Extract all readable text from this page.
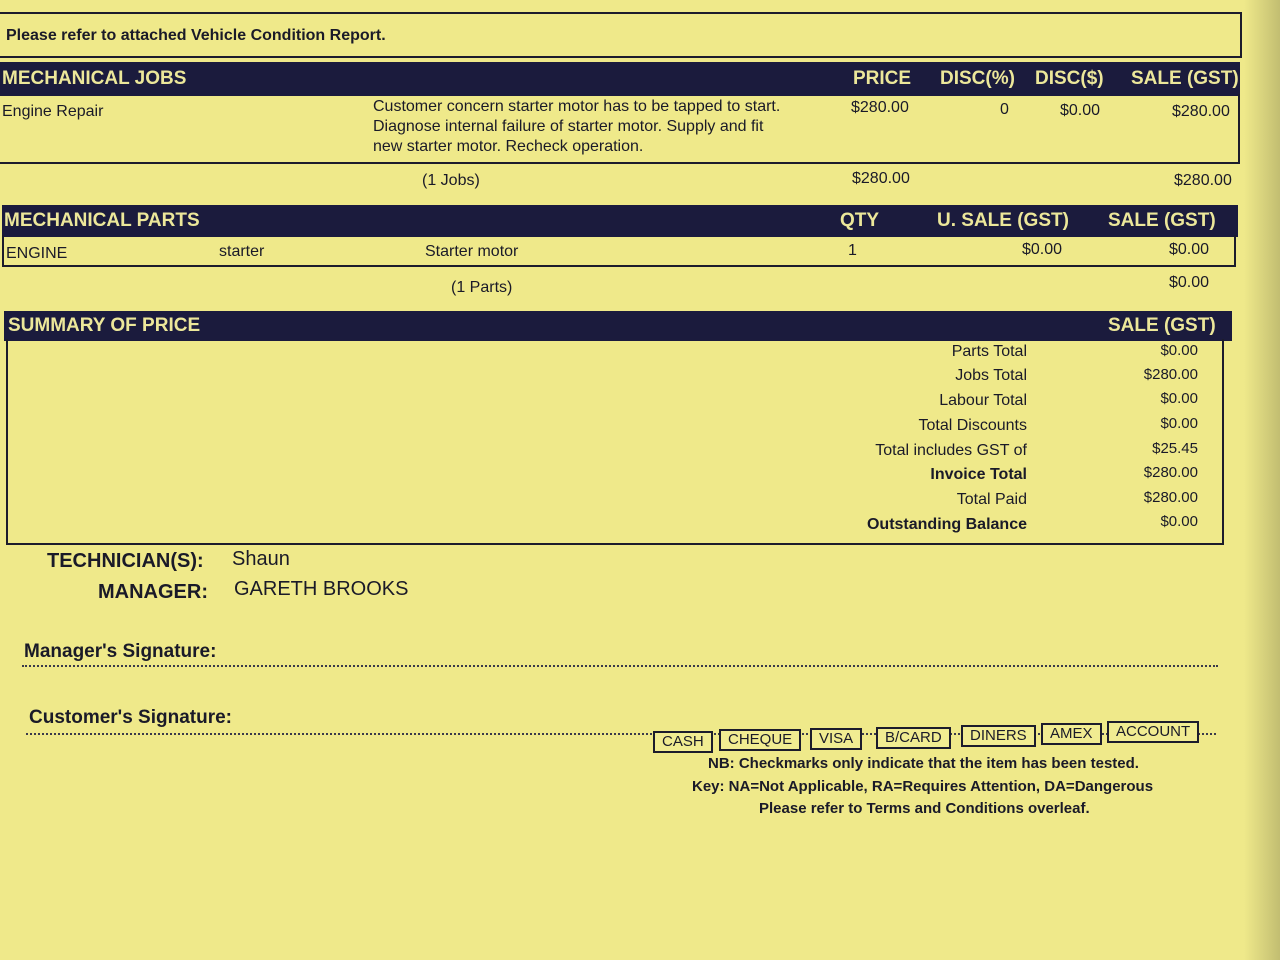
Please refer to attached Vehicle Condition Report.
MECHANICAL JOBS	PRICE DISC(%) DISC($) SALE (GST)
Engine Repair	Customer concern starter motor has to be tapped to start.
Diagnose internal failure of starter motor. Supply and fit
new starter motor. Recheck operation.
$280.00	0	$0.00	$280.00
(1 Jobs)	$280.00	$280.00
MECHANICAL PARTS	QTY	U. SALE (GST) SALE (GST)
ENGINE	starter	Starter motor	1	$0.00	$0.00
(1 Parts)	$0.00
SUMMARY OF PRICE	SALE (GST)
Parts Total	$0.00
Jobs Total	$280.00
Labour Total	$0.00
Total Discounts	$0.00
Total includes GST of	$25.45
Invoice Total	$280.00
Total Paid	$280.00
Outstanding Balance	$0.00
TECHNICIAN(S): Shaun
MANAGER: GARETH BROOKS
Manager's Signature:
Customer's Signature:
CASH	CHEQUE	VISA	B/CARD	DINERS	AMEX	ACCOUNT
NB: Checkmarks only indicate that the item has been tested.
Key: NA=Not Applicable, RA=Requires Attention, DA=Dangerous
Please refer to Terms and Conditions overleaf.
